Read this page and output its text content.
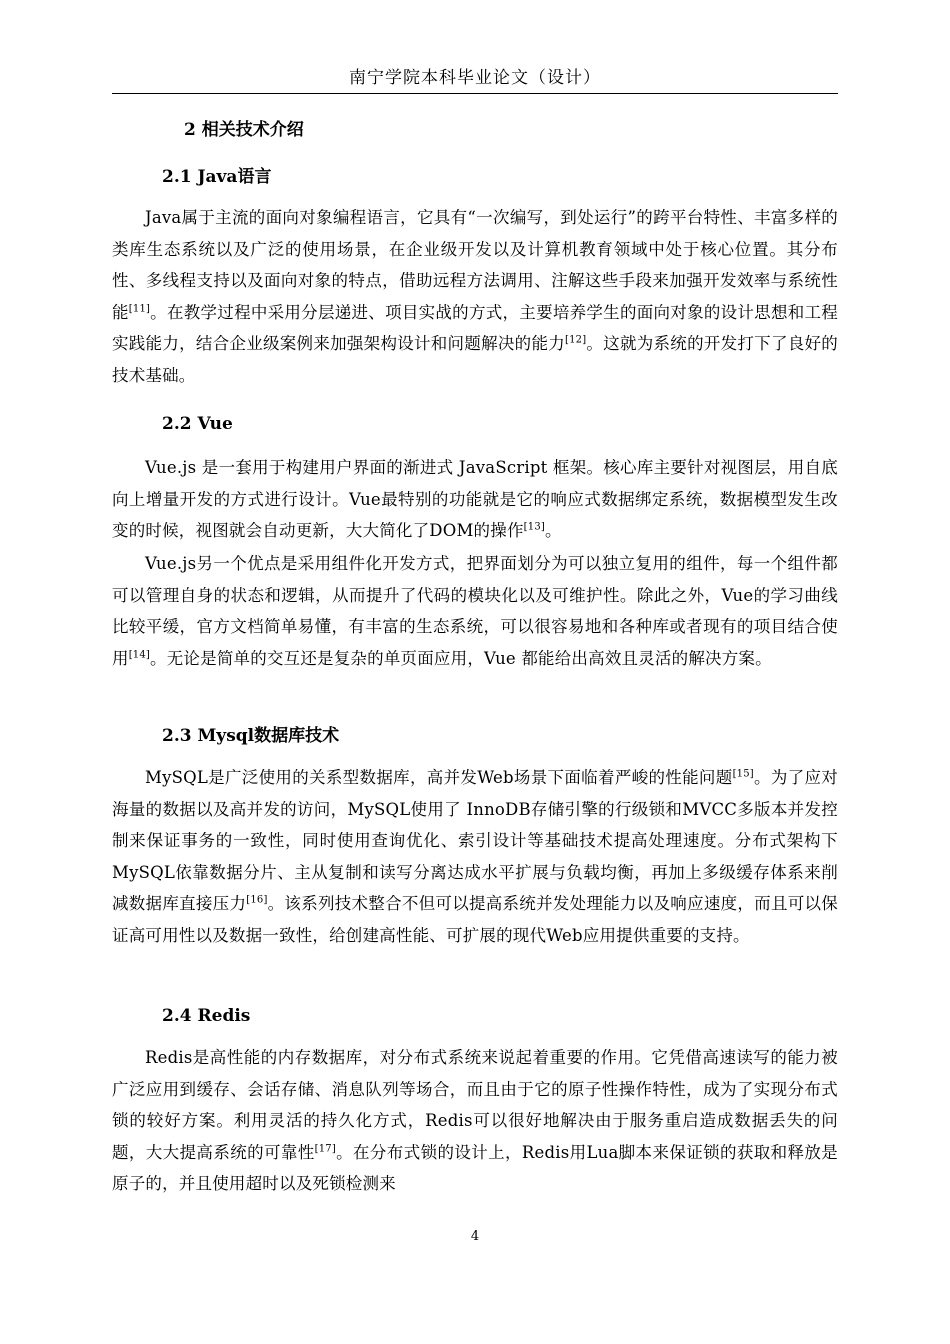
南宁学院本科毕业论文（设计）
2 相关技术介绍
2.1 Java语言

Java属于主流的面向对象编程语言，它具有“一次编写，到处运行”的跨平台特性、丰富多样的类库生态系统以及广泛的使用场景，在企业级开发以及计算机教育领域中处于核心位置。其分布性、多线程支持以及面向对象的特点，借助远程方法调用、注解这些手段来加强开发效率与系统性能[11]。在教学过程中采用分层递进、项目实战的方式，主要培养学生的面向对象的设计思想和工程实践能力，结合企业级案例来加强架构设计和问题解决的能力[12]。这就为系统的开发打下了良好的技术基础。

2.2 Vue

Vue.js 是一套用于构建用户界面的渐进式 JavaScript 框架。核心库主要针对视图层，用自底向上增量开发的方式进行设计。Vue最特别的功能就是它的响应式数据绑定系统，数据模型发生改变的时候，视图就会自动更新，大大简化了DOM的操作[13]。

Vue.js另一个优点是采用组件化开发方式，把界面划分为可以独立复用的组件，每一个组件都可以管理自身的状态和逻辑，从而提升了代码的模块化以及可维护性。除此之外，Vue的学习曲线比较平缓，官方文档简单易懂，有丰富的生态系统，可以很容易地和各种库或者现有的项目结合使用[14]。无论是简单的交互还是复杂的单页面应用，Vue 都能给出高效且灵活的解决方案。

2.3 Mysql数据库技术

MySQL是广泛使用的关系型数据库，高并发Web场景下面临着严峻的性能问题[15]。为了应对海量的数据以及高并发的访问，MySQL使用了 InnoDB存储引擎的行级锁和MVCC多版本并发控制来保证事务的一致性，同时使用查询优化、索引设计等基础技术提高处理速度。分布式架构下MySQL依靠数据分片、主从复制和读写分离达成水平扩展与负载均衡，再加上多级缓存体系来削减数据库直接压力[16]。该系列技术整合不但可以提高系统并发处理能力以及响应速度，而且可以保证高可用性以及数据一致性，给创建高性能、可扩展的现代Web应用提供重要的支持。

2.4 Redis

Redis是高性能的内存数据库，对分布式系统来说起着重要的作用。它凭借高速读写的能力被广泛应用到缓存、会话存储、消息队列等场合，而且由于它的原子性操作特性，成为了实现分布式锁的较好方案。利用灵活的持久化方式，Redis可以很好地解决由于服务重启造成数据丢失的问题，大大提高系统的可靠性[17]。在分布式锁的设计上，Redis用Lua脚本来保证锁的获取和释放是原子的，并且使用超时以及死锁检测来

4
